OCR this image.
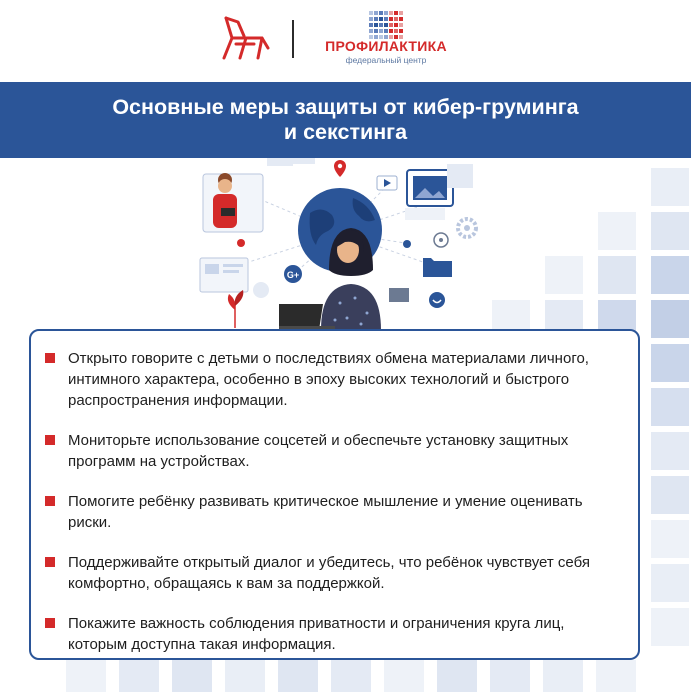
ПРОФИЛАКТИКА
федеральный центр
Основные меры защиты от кибер-груминга
и секстинга
G+
Открыто говорите с детьми о последствиях обмена материалами личного, интимного характера, особенно в эпоху высоких технологий и быстрого распространения информации.
Мониторьте использование соцсетей и обеспечьте установку защитных программ на устройствах.
Помогите ребёнку развивать критическое мышление и умение оценивать риски.
Поддерживайте открытый диалог и убедитесь, что ребёнок чувствует себя комфортно, обращаясь к вам за поддержкой.
Покажите важность соблюдения приватности и ограничения круга лиц, которым доступна такая информация.
